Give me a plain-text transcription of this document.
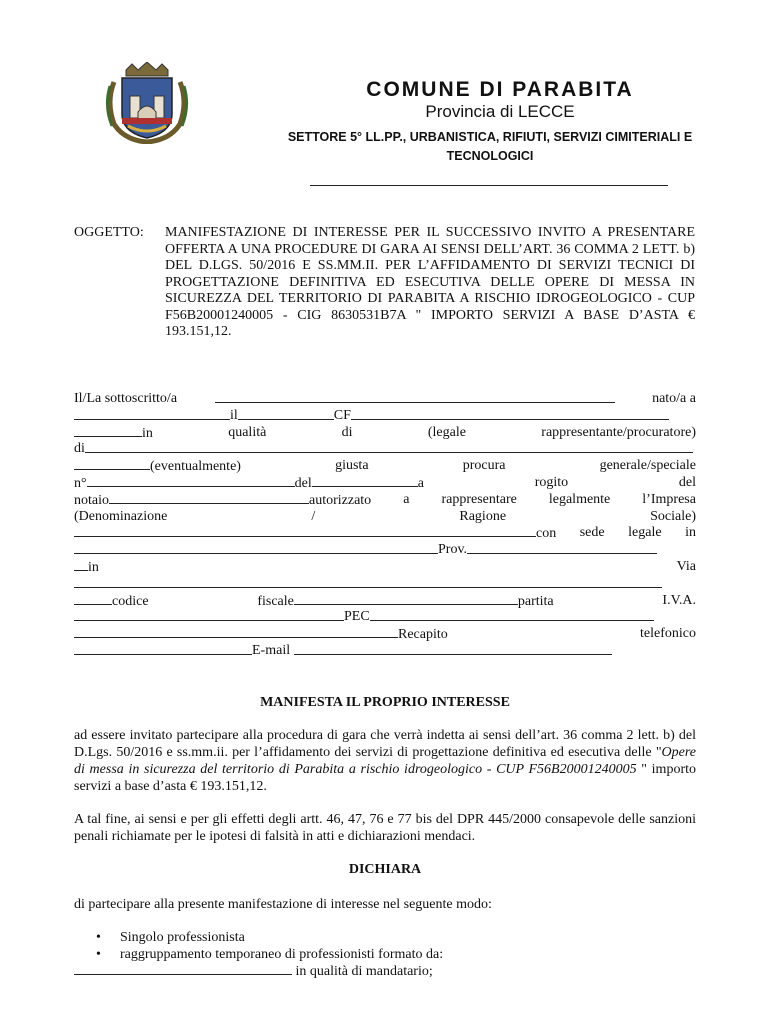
COMUNE DI PARABITA
Provincia di LECCE
SETTORE 5° LL.PP., URBANISTICA, RIFIUTI, SERVIZI CIMITERIALI E
TECNOLOGICI
OGGETTO: MANIFESTAZIONE DI INTERESSE PER IL SUCCESSIVO INVITO A PRESENTARE OFFERTA A UNA PROCEDURE DI GARA AI SENSI DELL’ART. 36 COMMA 2 LETT. b) DEL D.LGS. 50/2016 E SS.MM.II. PER L’AFFIDAMENTO DI SERVIZI TECNICI DI PROGETTAZIONE DEFINITIVA ED ESECUTIVA DELLE OPERE DI MESSA IN SICUREZZA DEL TERRITORIO DI PARABITA A RISCHIO IDROGEOLOGICO - CUP F56B20001240005 - CIG 8630531B7A " IMPORTO SERVIZI A BASE D’ASTA € 193.151,12.
Il/La sottoscritto/a	nato/a a
il	CF
in	qualità	di	(legale	rappresentante/procuratore)
di
(eventualmente)	giusta	procura	generale/speciale
n°	del	a	rogito	del
notaio	autorizzato a rappresentare legalmente l’Impresa
(Denominazione	/	Ragione	Sociale)
con sede legale in
Prov.
in	Via
codice	fiscale	partita	I.V.A.
PEC
Recapito	telefonico
E-mail
MANIFESTA IL PROPRIO INTERESSE
ad essere invitato partecipare alla procedura di gara che verrà indetta ai sensi dell’art. 36 comma 2 lett. b) del D.Lgs. 50/2016 e ss.mm.ii. per l’affidamento dei servizi di progettazione definitiva ed esecutiva delle "Opere di messa in sicurezza del territorio di Parabita a rischio idrogeologico - CUP F56B20001240005 " importo servizi a base d’asta € 193.151,12.
A tal fine, ai sensi e per gli effetti degli artt. 46, 47, 76 e 77 bis del DPR 445/2000 consapevole delle sanzioni penali richiamate per le ipotesi di falsità in atti e dichiarazioni mendaci.
DICHIARA
di partecipare alla presente manifestazione di interesse nel seguente modo:
• Singolo professionista
• raggruppamento temporaneo di professionisti formato da:
in qualità di mandatario;
